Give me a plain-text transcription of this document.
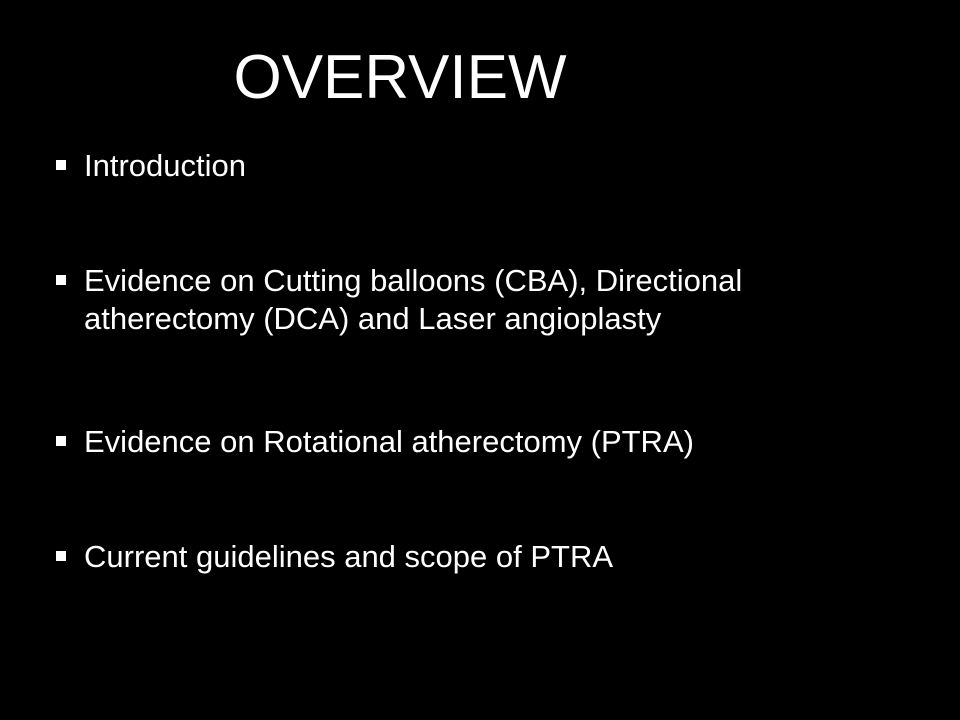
OVERVIEW
Introduction
Evidence on Cutting balloons (CBA), Directional atherectomy (DCA) and Laser angioplasty
Evidence on Rotational atherectomy (PTRA)
Current guidelines and scope of PTRA
